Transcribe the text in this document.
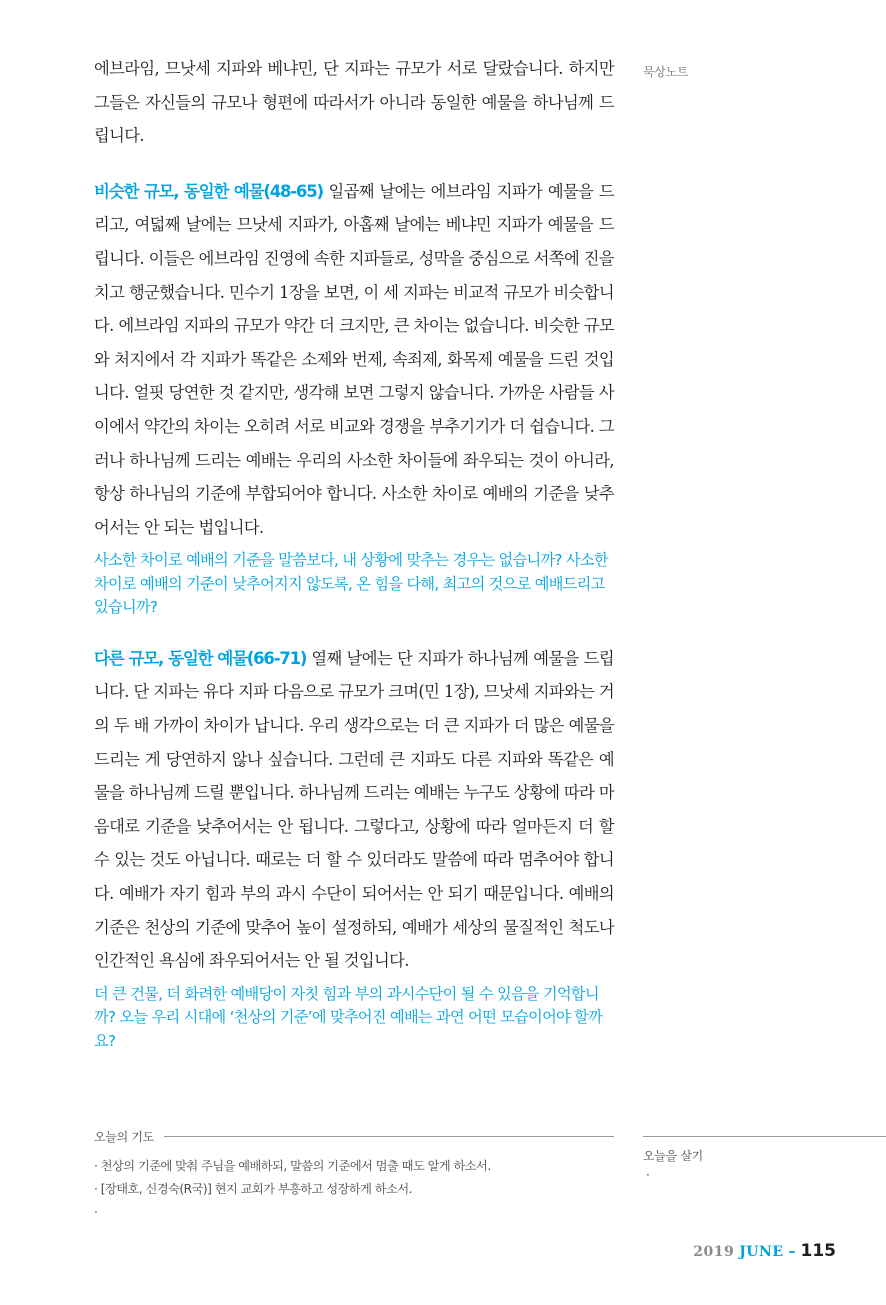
에브라임, 므낫세 지파와 베냐민, 단 지파는 규모가 서로 달랐습니다. 하지만 그들은 자신들의 규모나 형편에 따라서가 아니라 동일한 예물을 하나님께 드립니다.

비슷한 규모, 동일한 예물(48-65) 일곱째 날에는 에브라임 지파가 예물을 드리고, 여덟째 날에는 므낫세 지파가, 아홉째 날에는 베냐민 지파가 예물을 드립니다. 이들은 에브라임 진영에 속한 지파들로, 성막을 중심으로 서쪽에 진을 치고 행군했습니다. 민수기 1장을 보면, 이 세 지파는 비교적 규모가 비슷합니다. 에브라임 지파의 규모가 약간 더 크지만, 큰 차이는 없습니다. 비슷한 규모와 처지에서 각 지파가 똑같은 소제와 번제, 속죄제, 화목제 예물을 드린 것입니다. 얼핏 당연한 것 같지만, 생각해 보면 그렇지 않습니다. 가까운 사람들 사이에서 약간의 차이는 오히려 서로 비교와 경쟁을 부추기기가 더 쉽습니다. 그러나 하나님께 드리는 예배는 우리의 사소한 차이들에 좌우되는 것이 아니라, 항상 하나님의 기준에 부합되어야 합니다. 사소한 차이로 예배의 기준을 낮추어서는 안 되는 법입니다.

사소한 차이로 예배의 기준을 말씀보다, 내 상황에 맞추는 경우는 없습니까? 사소한 차이로 예배의 기준이 낮추어지지 않도록, 온 힘을 다해, 최고의 것으로 예배드리고 있습니까?

다른 규모, 동일한 예물(66-71) 열째 날에는 단 지파가 하나님께 예물을 드립니다. 단 지파는 유다 지파 다음으로 규모가 크며(민 1장), 므낫세 지파와는 거의 두 배 가까이 차이가 납니다. 우리 생각으로는 더 큰 지파가 더 많은 예물을 드리는 게 당연하지 않나 싶습니다. 그런데 큰 지파도 다른 지파와 똑같은 예물을 하나님께 드릴 뿐입니다. 하나님께 드리는 예배는 누구도 상황에 따라 마음대로 기준을 낮추어서는 안 됩니다. 그렇다고, 상황에 따라 얼마든지 더 할 수 있는 것도 아닙니다. 때로는 더 할 수 있더라도 말씀에 따라 멈추어야 합니다. 예배가 자기 힘과 부의 과시 수단이 되어서는 안 되기 때문입니다. 예배의 기준은 천상의 기준에 맞추어 높이 설정하되, 예배가 세상의 물질적인 척도나 인간적인 욕심에 좌우되어서는 안 될 것입니다.

더 큰 건물, 더 화려한 예배당이 자칫 힘과 부의 과시수단이 될 수 있음을 기억합니까? 오늘 우리 시대에 ‘천상의 기준’에 맞추어진 예배는 과연 어떤 모습이어야 할까요?

묵상노트
오늘의 기도
· 천상의 기준에 맞춰 주님을 예배하되, 말씀의 기준에서 멈출 때도 알게 하소서.
· [장태호, 신경숙(R국)] 현지 교회가 부흥하고 성장하게 하소서.
·
오늘을 살기
·
2019 JUNE – 115
